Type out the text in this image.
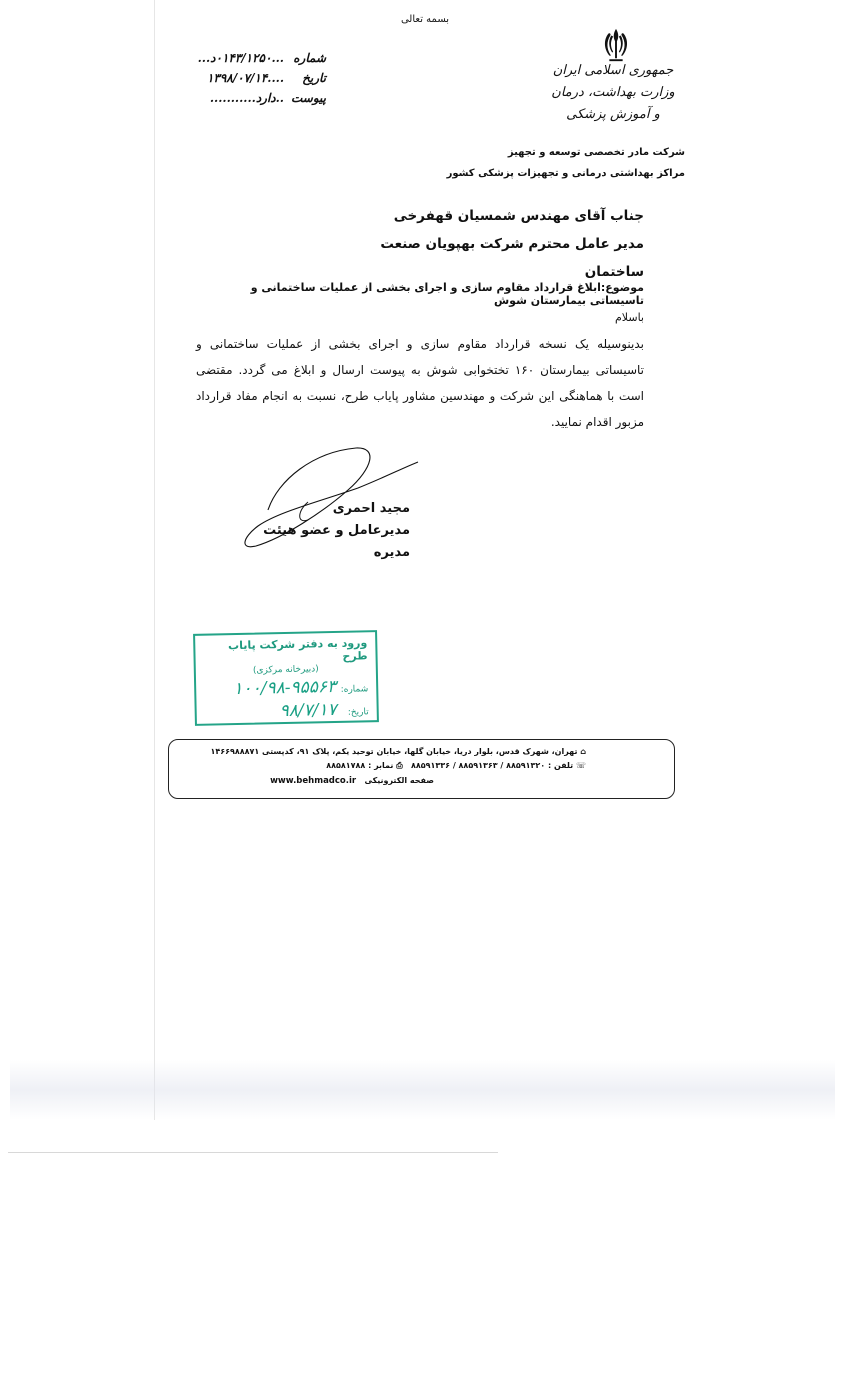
بسمه تعالی
جمهوری اسلامی ایران
وزارت بهداشت، درمان و آموزش پزشکی
شماره
...۰۱۴۳/۱۲۵۰د...
تاریخ
....۱۳۹۸/۰۷/۱۴
پیوست
..دارد...........
شرکت مادر تخصصی توسعه و تجهیز
مراکز بهداشتی درمانی و تجهیزات پزشکی کشور
جناب آقای مهندس شمسیان قهفرخی
مدیر عامل محترم شرکت بهپویان صنعت ساختمان
موضوع:ابلاغ قرارداد مقاوم سازی و اجرای بخشی از عملیات ساختمانی و تاسیساتی بیمارستان شوش
باسلام
بدینوسیله یک نسخه قرارداد مقاوم سازی و اجرای بخشی از عملیات ساختمانی و تاسیساتی بیمارستان ۱۶۰ تختخوابی شوش به پیوست ارسال و ابلاغ می گردد. مقتضی است با هماهنگی این شرکت و مهندسین مشاور پایاب طرح، نسبت به انجام مفاد قرارداد مزبور اقدام نمایید.
مجید احمری
مدیرعامل و عضو هیئت مدیره
ورود به دفتر شرکت پایاب طرح
(دبیرخانه مرکزی)
شماره:
۱۰۰/۹۸-۹۵۵۶۳
تاریخ:
۹۸/۷/۱۷
⌂ تهران، شهرک قدس، بلوار دریا، خیابان گلها، خیابان توحید یکم، پلاک ۹۱، کدپستی ۱۴۶۶۹۸۸۸۷۱
☏ تلفن : ۸۸۵۹۱۳۲۰ / ۸۸۵۹۱۳۶۳ / ۸۸۵۹۱۳۳۶   ⎙ نمابر : ۸۸۵۸۱۷۸۸
صفحه الکترونیکی   www.behmadco.ir
